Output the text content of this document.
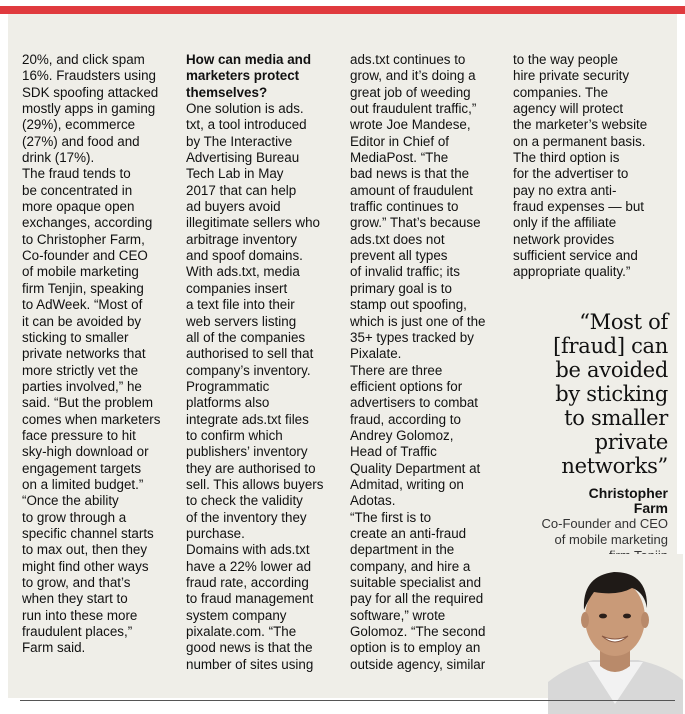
20%, and click spam
16%. Fraudsters using
SDK spoofing attacked
mostly apps in gaming
(29%), ecommerce
(27%) and food and
drink (17%).

The fraud tends to
be concentrated in
more opaque open
exchanges, according
to Christopher Farm,
Co-founder and CEO
of mobile marketing
firm Tenjin, speaking
to AdWeek. “Most of
it can be avoided by
sticking to smaller
private networks that
more strictly vet the
parties involved,” he
said. “But the problem
comes when marketers
face pressure to hit
sky-high download or
engagement targets
on a limited budget.”

“Once the ability
to grow through a
specific channel starts
to max out, then they
might find other ways
to grow, and that’s
when they start to
run into these more
fraudulent places,”
Farm said.

How can media and
marketers protect
themselves?

One solution is ads.
txt, a tool introduced
by The Interactive
Advertising Bureau
Tech Lab in May
2017 that can help
ad buyers avoid
illegitimate sellers who
arbitrage inventory
and spoof domains.

With ads.txt, media
companies insert
a text file into their
web servers listing
all of the companies
authorised to sell that
company’s inventory.

Programmatic
platforms also
integrate ads.txt files
to confirm which
publishers’ inventory
they are authorised to
sell. This allows buyers
to check the validity
of the inventory they
purchase.

Domains with ads.txt
have a 22% lower ad
fraud rate, according
to fraud management
system company
pixalate.com. “The
good news is that the
number of sites using

ads.txt continues to
grow, and it’s doing a
great job of weeding
out fraudulent traffic,”
wrote Joe Mandese,
Editor in Chief of
MediaPost. “The
bad news is that the
amount of fraudulent
traffic continues to
grow.” That’s because
ads.txt does not
prevent all types
of invalid traffic; its
primary goal is to
stamp out spoofing,
which is just one of the
35+ types tracked by
Pixalate.

There are three
efficient options for
advertisers to combat
fraud, according to
Andrey Golomoz,
Head of Traffic
Quality Department at
Admitad, writing on
Adotas.

“The first is to
create an anti-fraud
department in the
company, and hire a
suitable specialist and
pay for all the required
software,” wrote
Golomoz. “The second
option is to employ an
outside agency, similar

to the way people
hire private security
companies. The
agency will protect
the marketer’s website
on a permanent basis.
The third option is
for the advertiser to
pay no extra anti-
fraud expenses — but
only if the affiliate
network provides
sufficient service and
appropriate quality.”

“Most of
[fraud] can
be avoided
by sticking
to smaller
private
networks”
Christopher
Farm
Co-Founder and CEO
of mobile marketing
